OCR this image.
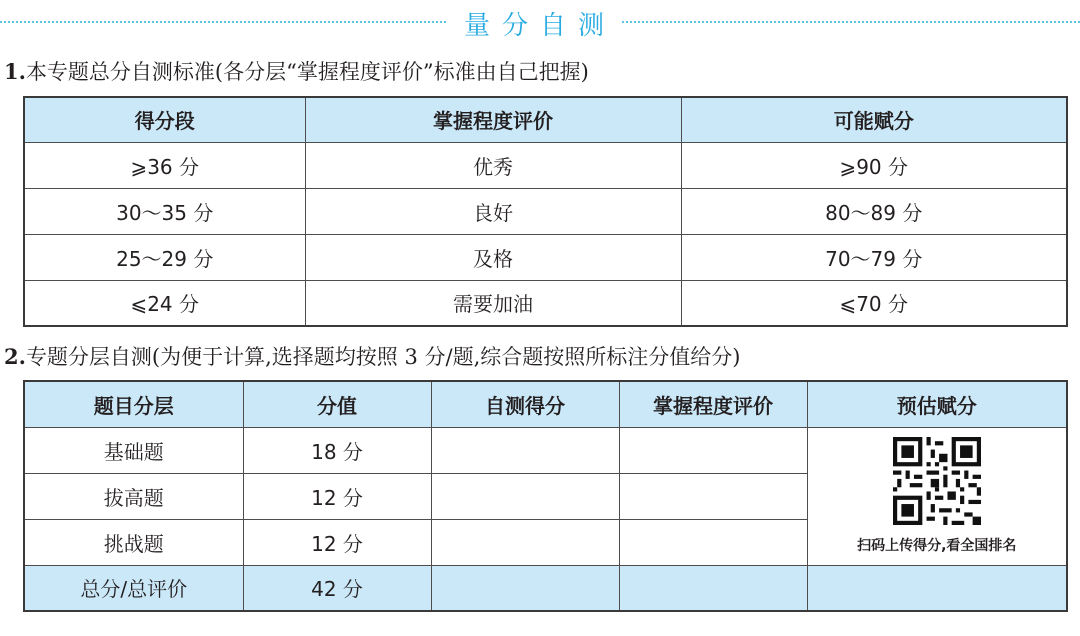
量 分 自 测
1.本专题总分自测标准(各分层“掌握程度评价”标准由自己把握)
得分段	掌握程度评价	可能赋分
⩾36 分	优秀	⩾90 分
30～35 分	良好	80～89 分
25～29 分	及格	70～79 分
⩽24 分	需要加油	⩽70 分
2.专题分层自测(为便于计算,选择题均按照 3 分/题,综合题按照所标注分值给分)
题目分层	分值	自测得分	掌握程度评价	预估赋分
基础题	18 分			扫码上传得分,看全国排名

拔高题	12 分			
挑战题	12 分			
总分/总评价	42 分			
